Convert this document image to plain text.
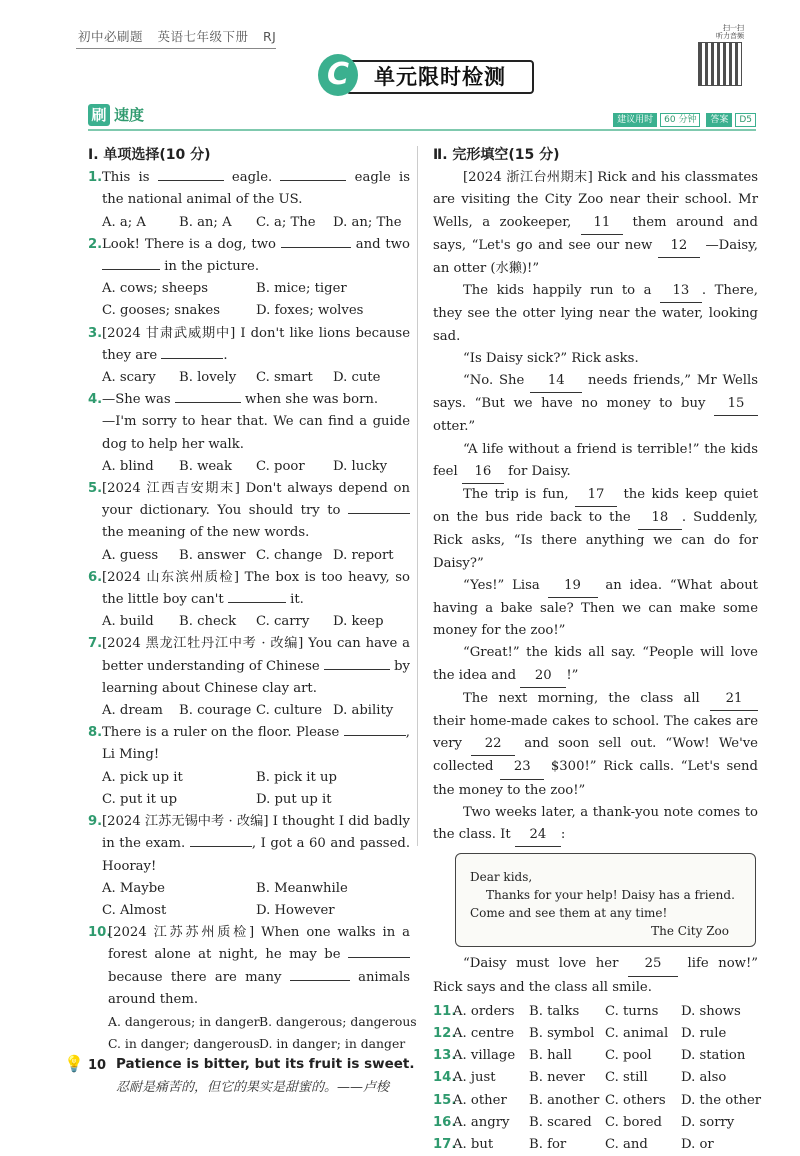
初中必刷题 英语七年级下册 RJ
单元限时检测
C
扫一扫
听力音频
刷 速度	建议用时 60 分钟 答案 D5
Ⅰ. 单项选择(10 分)
1. This is	eagle.	eagle is the national animal of the US.
A. a; A	B. an; A	C. a; The	D. an; The
2. Look! There is a dog, two	and two  in the picture.
A. cows; sheeps	B. mice; tiger
C. gooses; snakes	D. foxes; wolves
3. [2024 甘肃武威期中] I don't like lions because they are	.
A. scary	B. lovely	C. smart	D. cute
4. —She was	when she was born.
—I'm sorry to hear that. We can find a guide dog to help her walk.
A. blind	B. weak	C. poor	D. lucky
5. [2024 江西吉安期末] Don't always depend on your dictionary. You should try to  the meaning of the new words.
A. guess	B. answer C. change D. report
6. [2024 山东滨州质检] The box is too heavy, so the little boy can't	it.
A. build	B. check	C. carry	D. keep
7. [2024 黑龙江牡丹江中考 · 改编] You can have a better understanding of Chinese	by learning about Chinese clay art.
A. dream	B. courage C. culture D. ability
8. There is a ruler on the floor. Please	, Li Ming!
A. pick up it	B. pick it up
C. put it up	D. put up it
9. [2024 江苏无锡中考 · 改编] I thought I did badly in the exam.	, I got a 60 and passed. Hooray!
A. Maybe	B. Meanwhile
C. Almost	D. However
10.
[2024 江苏苏州质检] When one walks in a forest alone at night, he may be  because there are many	animals around them.
A. dangerous; in danger B. dangerous; dangerous
C. in danger; dangerous D. in danger; in danger
Ⅱ. 完形填空(15 分)
[2024 浙江台州期末] Rick and his classmates are visiting the City Zoo near their school. Mr Wells, a zookeeper, 11 them around and says, “Let's go and see our new 12 —Daisy, an otter (水獭)!”
The kids happily run to a 13 . There, they see the otter lying near the water, looking sad.
“Is Daisy sick?” Rick asks.
“No. She 14 needs friends,” Mr Wells says. “But we have no money to buy 15 otter.”
“A life without a friend is terrible!” the kids feel 16 for Daisy.
The trip is fun, 17 the kids keep quiet on the bus ride back to the 18 . Suddenly, Rick asks, “Is there anything we can do for Daisy?”
“Yes!” Lisa 19 an idea. “What about having a bake sale? Then we can make some money for the zoo!”
“Great!” the kids all say. “People will love the idea and 20 !”
The next morning, the class all 21 their home-made cakes to school. The cakes are very 22 and soon sell out. “Wow! We've collected 23 $300!” Rick calls. “Let's send the money to the zoo!”
Two weeks later, a thank-you note comes to the class. It 24 :
Dear kids,
Thanks for your help! Daisy has a friend. Come and see them at any time!
The City Zoo
“Daisy must love her 25 life now!” Rick says and the class all smile.
11.
A. orders	B. talks	C. turns	D. shows
12.
A. centre	B. symbol C. animal D. rule
13.
A. village	B. hall	C. pool	D. station
14.
A. just	B. never	C. still	D. also
15.
A. other	B. another C. others	D. the other
16.
A. angry	B. scared	C. bored	D. sorry
17.
A. but	B. for	C. and	D. or
💡 10 Patience is bitter, but its fruit is sweet.
忍耐是痛苦的，但它的果实是甜蜜的。——卢梭
